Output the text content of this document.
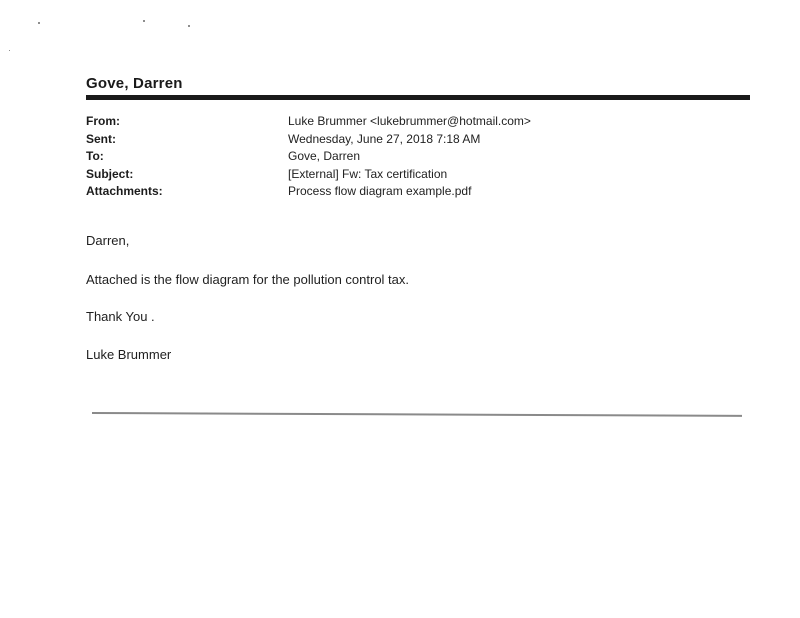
Gove, Darren
From:
Sent:
To:
Subject:
Attachments:
Luke Brummer <lukebrummer@hotmail.com>
Wednesday, June 27, 2018 7:18 AM
Gove, Darren
[External] Fw: Tax certification
Process flow diagram example.pdf
Darren,
Attached is the flow diagram for the pollution control tax.
Thank You .
Luke Brummer
